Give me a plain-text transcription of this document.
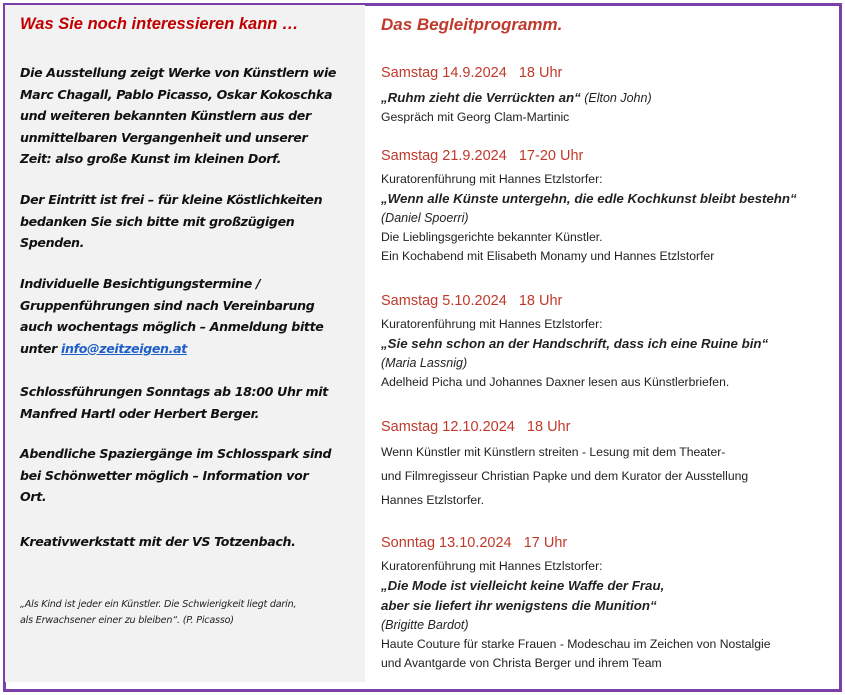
Was Sie noch interessieren kann …
Die Ausstellung zeigt Werke von Künstlern wie
Marc Chagall, Pablo Picasso, Oskar Kokoschka
und weiteren bekannten Künstlern aus der
unmittelbaren Vergangenheit und unserer
Zeit: also große Kunst im kleinen Dorf.
Der Eintritt ist frei – für kleine Köstlichkeiten
bedanken Sie sich bitte mit großzügigen
Spenden.
Individuelle Besichtigungstermine /
Gruppenführungen sind nach Vereinbarung
auch wochentags möglich – Anmeldung bitte
unter info@zeitzeigen.at
Schlossführungen Sonntags ab 18:00 Uhr mit
Manfred Hartl oder Herbert Berger.
Abendliche Spaziergänge im Schlosspark sind
bei Schönwetter möglich – Information vor
Ort.
Kreativwerkstatt mit der VS Totzenbach.
„Als Kind ist jeder ein Künstler. Die Schwierigkeit liegt darin,
als Erwachsener einer zu bleiben“. (P. Picasso)
Das Begleitprogramm.
Samstag 14.9.2024 18 Uhr
„Ruhm zieht die Verrückten an“ (Elton John)
Gespräch mit Georg Clam-Martinic
Samstag 21.9.2024 17-20 Uhr
Kuratorenführung mit Hannes Etzlstorfer:
„Wenn alle Künste untergehn, die edle Kochkunst bleibt bestehn“
(Daniel Spoerri)
Die Lieblingsgerichte bekannter Künstler.
Ein Kochabend mit Elisabeth Monamy und Hannes Etzlstorfer
Samstag 5.10.2024 18 Uhr
Kuratorenführung mit Hannes Etzlstorfer:
„Sie sehn schon an der Handschrift, dass ich eine Ruine bin“
(Maria Lassnig)
Adelheid Picha und Johannes Daxner lesen aus Künstlerbriefen.
Samstag 12.10.2024 18 Uhr
Wenn Künstler mit Künstlern streiten - Lesung mit dem Theater-
und Filmregisseur Christian Papke und dem Kurator der Ausstellung
Hannes Etzlstorfer.
Sonntag 13.10.2024 17 Uhr
Kuratorenführung mit Hannes Etzlstorfer:
„Die Mode ist vielleicht keine Waffe der Frau,
aber sie liefert ihr wenigstens die Munition“
(Brigitte Bardot)
Haute Couture für starke Frauen - Modeschau im Zeichen von Nostalgie
und Avantgarde von Christa Berger und ihrem Team
